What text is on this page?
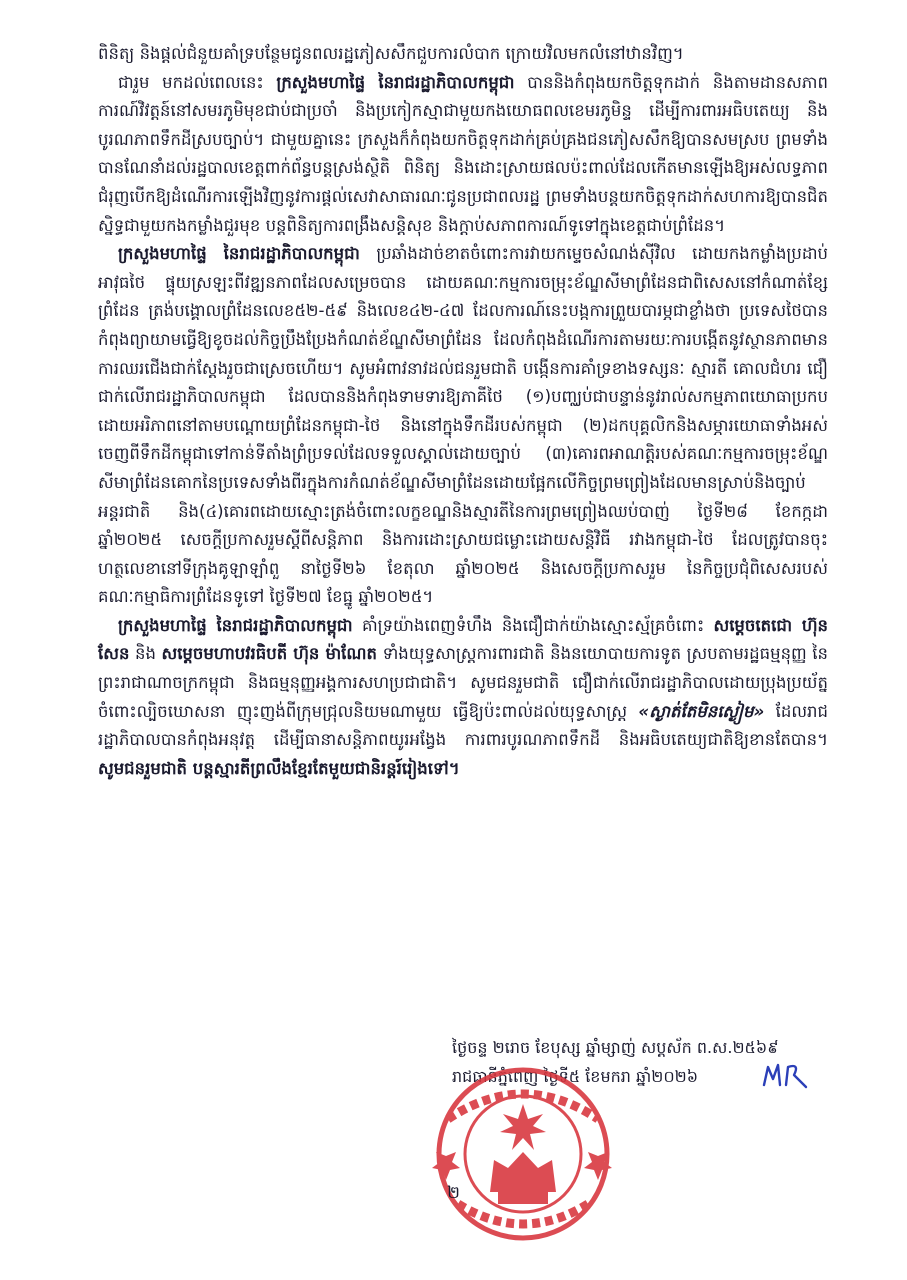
ពិនិត្យ និងផ្ដល់ជំនួយគាំទ្របន្ថែមជូនពលរដ្ឋភៀសសឹកជួបការលំបាក ក្រោយវិលមកលំនៅឋានវិញ។

ជារួម មកដល់ពេលនេះ ក្រសួងមហាផ្ទៃ នៃរាជរដ្ឋាភិបាលកម្ពុជា បាននិងកំពុងយកចិត្តទុកដាក់ និងតាមដានសភាពការណ៍វិវត្តន៍នៅសមរភូមិមុខជាប់ជាប្រចាំ និងប្រកៀកស្មាជាមួយកងយោធពលខេមរភូមិន្ទ ដើម្បីការពារអធិបតេយ្យ និងបូរណភាពទឹកដីស្របច្បាប់។ ជាមួយគ្នានេះ ក្រសួងក៏កំពុងយកចិត្តទុកដាក់គ្រប់គ្រងជនភៀសសឹកឱ្យបានសមស្រប ព្រមទាំងបានណែនាំដល់រដ្ឋបាលខេត្តពាក់ព័ន្ធបន្តស្រង់ស្ថិតិ ពិនិត្យ និងដោះស្រាយផលប៉ះពាល់ដែលកើតមានឡើងឱ្យអស់លទ្ធភាព ជំរុញបើកឱ្យដំណើរការឡើងវិញនូវការផ្ដល់សេវាសាធារណៈជូនប្រជាពលរដ្ឋ ព្រមទាំងបន្តយកចិត្តទុកដាក់សហការឱ្យបានជិតស្និទ្ធជាមួយកងកម្លាំងជួរមុខ បន្តពិនិត្យការពង្រឹងសន្តិសុខ និងក្ដាប់សភាពការណ៍ទូទៅក្នុងខេត្តជាប់ព្រំដែន។

ក្រសួងមហាផ្ទៃ នៃរាជរដ្ឋាភិបាលកម្ពុជា ប្រឆាំងដាច់ខាតចំពោះការវាយកម្ទេចសំណង់ស៊ីវិល ដោយកងកម្លាំងប្រដាប់អាវុធថៃ ផ្ទុយស្រឡះពីវឌ្ឍនភាពដែលសម្រេចបាន ដោយគណៈកម្មការចម្រុះខ័ណ្ឌសីមាព្រំដែនជាពិសេសនៅកំណាត់ខ្សែព្រំដែន ត្រង់បង្គោលព្រំដែនលេខ៥២-៥៩ និងលេខ៤២-៤៧ ដែលការណ៍នេះបង្កការព្រួយបារម្ភជាខ្លាំងថា ប្រទេសថៃបានកំពុងព្យាយាមធ្វើឱ្យខូចដល់កិច្ចប្រឹងប្រែងកំណត់ខ័ណ្ឌសីមាព្រំដែន ដែលកំពុងដំណើរការតាមរយៈការបង្កើតនូវស្ថានភាពមានការឈរជើងជាក់ស្តែងរួចជាស្រេចហើយ។ សូមអំពាវនាវដល់ជនរួមជាតិ បង្កើនការគាំទ្រខាងទស្សនៈ ស្មារតី គោលជំហរ ជឿជាក់លើរាជរដ្ឋាភិបាលកម្ពុជា ដែលបាននិងកំពុងទាមទារឱ្យភាគីថៃ (១)បញ្ឈប់ជាបន្ទាន់នូវរាល់សកម្មភាពយោធាប្រកបដោយអរិភាពនៅតាមបណ្តោយព្រំដែនកម្ពុជា-ថៃ និងនៅក្នុងទឹកដីរបស់កម្ពុជា (២)ដកបុគ្គលិកនិងសម្ភារយោធាទាំងអស់ចេញពីទឹកដីកម្ពុជាទៅកាន់ទីតាំងព្រំប្រទល់ដែលទទួលស្គាល់ដោយច្បាប់ (៣)គោរពអាណត្តិរបស់គណៈកម្មការចម្រុះខ័ណ្ឌសីមាព្រំដែនគោកនៃប្រទេសទាំងពីរក្នុងការកំណត់ខ័ណ្ឌសីមាព្រំដែនដោយផ្អែកលើកិច្ចព្រមព្រៀងដែលមានស្រាប់និងច្បាប់អន្តរជាតិ និង(៤)គោរពដោយស្មោះត្រង់ចំពោះលក្ខខណ្ឌនិងស្មារតីនៃការព្រមព្រៀងឈប់បាញ់ ថ្ងៃទី២៨ ខែកក្កដា ឆ្នាំ២០២៥ សេចក្តីប្រកាសរួមស្តីពីសន្តិភាព និងការដោះស្រាយជម្លោះដោយសន្តិវិធី រវាងកម្ពុជា-ថៃ ដែលត្រូវបានចុះហត្ថលេខានៅទីក្រុងគូឡាឡាំពួ នាថ្ងៃទី២៦ ខែតុលា ឆ្នាំ២០២៥ និងសេចក្តីប្រកាសរួម នៃកិច្ចប្រជុំពិសេសរបស់គណៈកម្មាធិការព្រំដែនទូទៅ ថ្ងៃទី២៧ ខែធ្នូ ឆ្នាំ២០២៥។

ក្រសួងមហាផ្ទៃ នៃរាជរដ្ឋាភិបាលកម្ពុជា គាំទ្រយ៉ាងពេញទំហឹង និងជឿជាក់យ៉ាងស្មោះស្ម័គ្រចំពោះ សម្ដេចតេជោ ហ៊ុន សែន និង សម្ដេចមហាបវរធិបតី ហ៊ុន ម៉ាណែត ទាំងយុទ្ធសាស្ត្រការពារជាតិ និងនយោបាយការទូត ស្របតាមរដ្ឋធម្មនុញ្ញ នៃព្រះរាជាណាចក្រកម្ពុជា និងធម្មនុញ្ញអង្គការសហប្រជាជាតិ។ សូមជនរួមជាតិ ជឿជាក់លើរាជរដ្ឋាភិបាលដោយប្រុងប្រយ័ត្នចំពោះល្បិចឃោសនា ញុះញង់ពីក្រុមជ្រុលនិយមណាមួយ ធ្វើឱ្យប៉ះពាល់ដល់យុទ្ធសាស្ត្រ «ស្ងាត់តែមិនស្ងៀម» ដែលរាជរដ្ឋាភិបាលបានកំពុងអនុវត្ត ដើម្បីធានាសន្តិភាពយូរអង្វែង ការពារបូរណភាពទឹកដី និងអធិបតេយ្យជាតិឱ្យខានតែបាន។ សូមជនរួមជាតិ បន្តស្មារតីព្រលឹងខ្មែរតែមួយជានិរន្តរ៍រៀងទៅ។

ថ្ងៃចន្ទ ២រោច ខែបុស្ស ឆ្នាំម្សាញ់ សប្តស័ក ព.ស.២៥៦៩
រាជធានីភ្នំពេញ ថ្ងៃទី៥ ខែមករា ឆ្នាំ២០២៦
២
